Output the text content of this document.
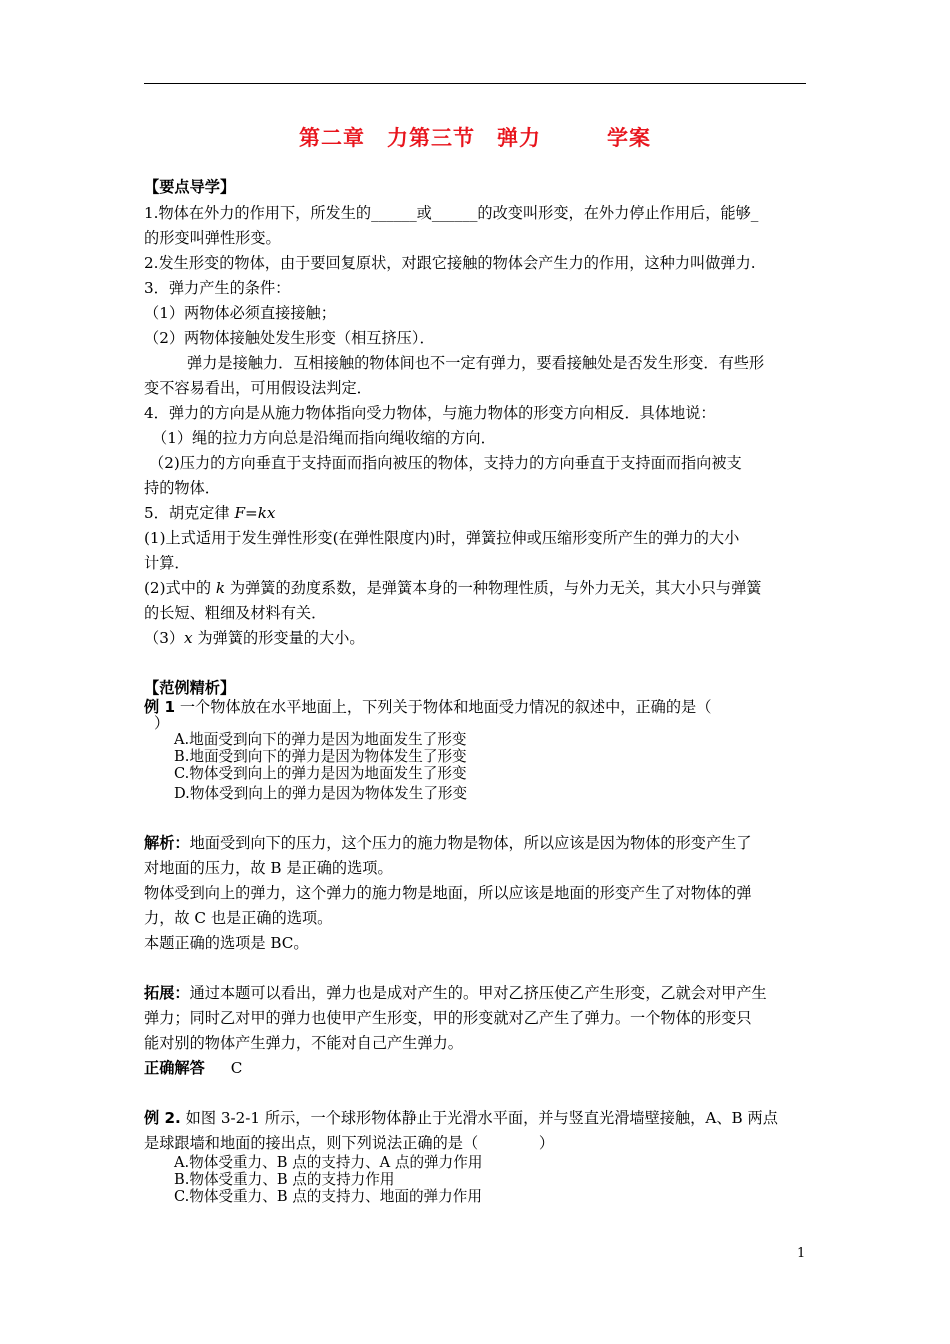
第二章　力第三节　弹力　　　学案
【要点导学】
1.物体在外力的作用下，所发生的______或______的改变叫形变，在外力停止作用后，能够_
的形变叫弹性形变。
2.发生形变的物体，由于要回复原状，对跟它接触的物体会产生力的作用，这种力叫做弹力.
3．弹力产生的条件：
（1）两物体必须直接接触；
（2）两物体接触处发生形变（相互挤压）．
弹力是接触力．互相接触的物体间也不一定有弹力，要看接触处是否发生形变．有些形
变不容易看出，可用假设法判定．
4．弹力的方向是从施力物体指向受力物体，与施力物体的形变方向相反．具体地说：
（1）绳的拉力方向总是沿绳而指向绳收缩的方向．
（2)压力的方向垂直于支持面而指向被压的物体，支持力的方向垂直于支持面而指向被支
持的物体．
5．胡克定律 F=kx
(1)上式适用于发生弹性形变(在弹性限度内)时，弹簧拉伸或压缩形变所产生的弹力的大小
计算．
(2)式中的 k 为弹簧的劲度系数，是弹簧本身的一种物理性质，与外力无关，其大小只与弹簧
的长短、粗细及材料有关．
（3）x 为弹簧的形变量的大小。
【范例精析】
例 1 一个物体放在水平地面上，下列关于物体和地面受力情况的叙述中，正确的是（
）
A.地面受到向下的弹力是因为地面发生了形变
B.地面受到向下的弹力是因为物体发生了形变
C.物体受到向上的弹力是因为地面发生了形变
D.物体受到向上的弹力是因为物体发生了形变
解析：地面受到向下的压力，这个压力的施力物是物体，所以应该是因为物体的形变产生了
对地面的压力，故 B 是正确的选项。
物体受到向上的弹力，这个弹力的施力物是地面，所以应该是地面的形变产生了对物体的弹
力，故 C 也是正确的选项。
本题正确的选项是 BC。
拓展：通过本题可以看出，弹力也是成对产生的。甲对乙挤压使乙产生形变，乙就会对甲产生
弹力；同时乙对甲的弹力也使甲产生形变，甲的形变就对乙产生了弹力。一个物体的形变只
能对别的物体产生弹力，不能对自己产生弹力。
正确解答 C
例 2. 如图 3-2-1 所示，一个球形物体静止于光滑水平面，并与竖直光滑墙壁接触，A、B 两点
是球跟墙和地面的接出点，则下列说法正确的是（　　　　）
A.物体受重力、B 点的支持力、A 点的弹力作用
B.物体受重力、B 点的支持力作用
C.物体受重力、B 点的支持力、地面的弹力作用
1
